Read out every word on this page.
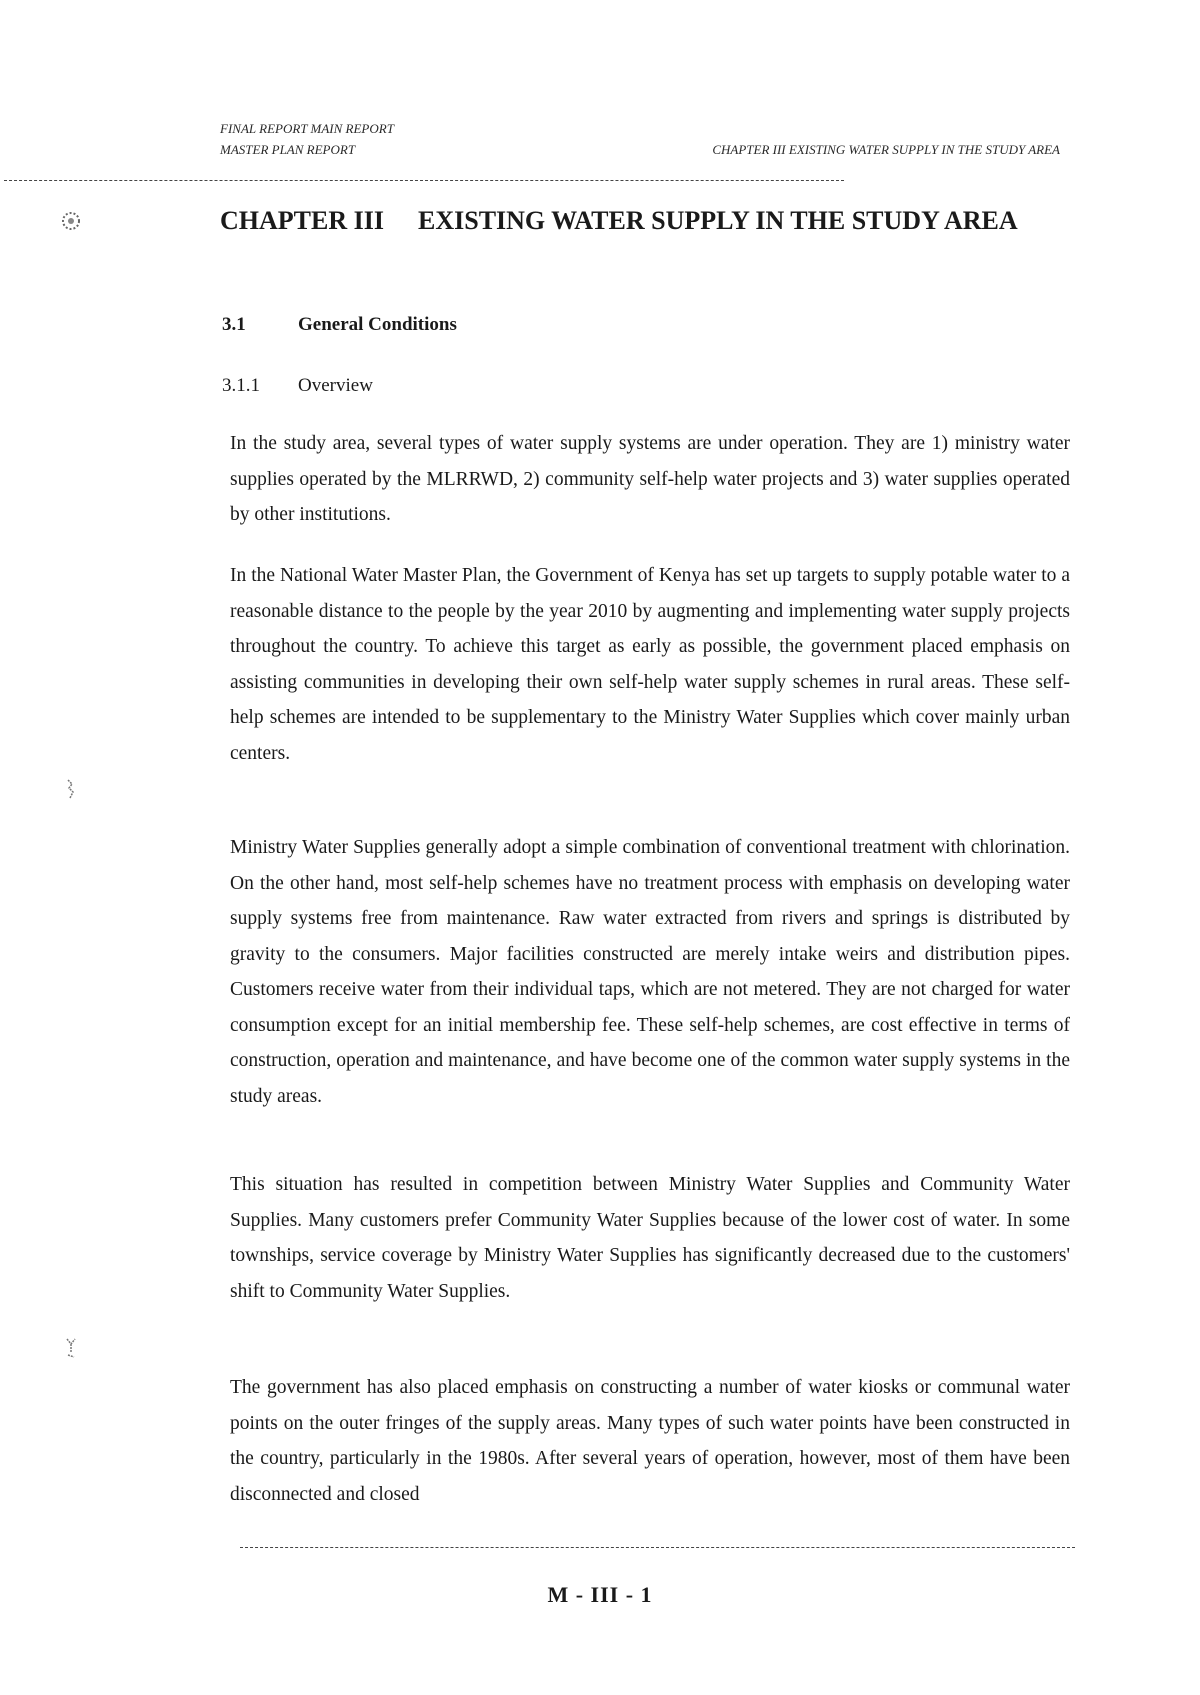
FINAL REPORT MAIN REPORT
MASTER PLAN REPORT	CHAPTER III EXISTING WATER SUPPLY IN THE STUDY AREA
CHAPTER III EXISTING WATER SUPPLY IN THE STUDY AREA
3.1	General Conditions
3.1.1 Overview

In the study area, several types of water supply systems are under operation. They are 1) ministry water supplies operated by the MLRRWD, 2) community self-help water projects and 3) water supplies operated by other institutions.

In the National Water Master Plan, the Government of Kenya has set up targets to supply potable water to a reasonable distance to the people by the year 2010 by augmenting and implementing water supply projects throughout the country. To achieve this target as early as possible, the government placed emphasis on assisting communities in developing their own self-help water supply schemes in rural areas. These self-help schemes are intended to be supplementary to the Ministry Water Supplies which cover mainly urban centers.

Ministry Water Supplies generally adopt a simple combination of conventional treatment with chlorination. On the other hand, most self-help schemes have no treatment process with emphasis on developing water supply systems free from maintenance. Raw water extracted from rivers and springs is distributed by gravity to the consumers. Major facilities constructed are merely intake weirs and distribution pipes. Customers receive water from their individual taps, which are not metered. They are not charged for water consumption except for an initial membership fee. These self-help schemes, are cost effective in terms of construction, operation and maintenance, and have become one of the common water supply systems in the study areas.

This situation has resulted in competition between Ministry Water Supplies and Community Water Supplies. Many customers prefer Community Water Supplies because of the lower cost of water. In some townships, service coverage by Ministry Water Supplies has significantly decreased due to the customers' shift to Community Water Supplies.

The government has also placed emphasis on constructing a number of water kiosks or communal water points on the outer fringes of the supply areas. Many types of such water points have been constructed in the country, particularly in the 1980s. After several years of operation, however, most of them have been disconnected and closed

M - III - 1
